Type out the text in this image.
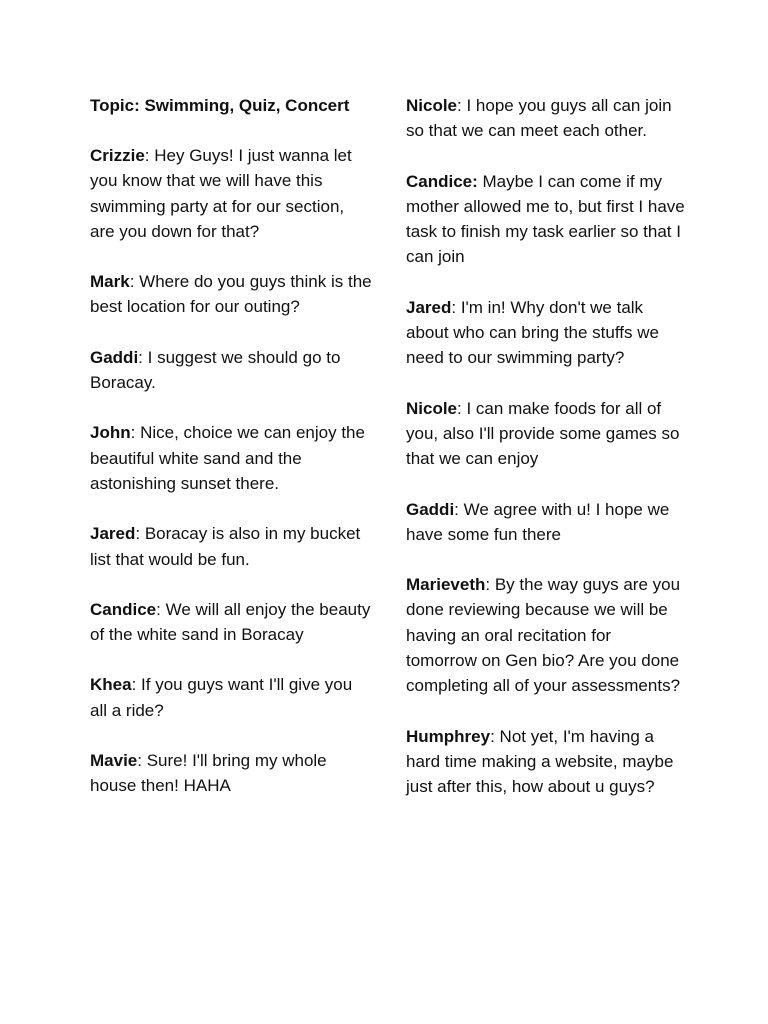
Topic: Swimming, Quiz, Concert

Crizzie: Hey Guys! I just wanna let you know that we will have this swimming party at for our section, are you down for that?

Mark: Where do you guys think is the best location for our outing?

Gaddi: I suggest we should go to Boracay.

John: Nice, choice we can enjoy the beautiful white sand and the astonishing sunset there.

Jared: Boracay is also in my bucket list that would be fun.

Candice: We will all enjoy the beauty of the white sand in Boracay

Khea: If you guys want I'll give you all a ride?

Mavie: Sure! I'll bring my whole house then! HAHA

Nicole: I hope you guys all can join so that we can meet each other.

Candice: Maybe I can come if my mother allowed me to, but first I have task to finish my task earlier so that I can join

Jared: I'm in! Why don't we talk about who can bring the stuffs we need to our swimming party?

Nicole: I can make foods for all of you, also I'll provide some games so that we can enjoy

Gaddi: We agree with u! I hope we have some fun there

Marieveth: By the way guys are you done reviewing because we will be having an oral recitation for tomorrow on Gen bio? Are you done completing all of your assessments?

Humphrey: Not yet, I'm having a hard time making a website, maybe just after this, how about u guys?
